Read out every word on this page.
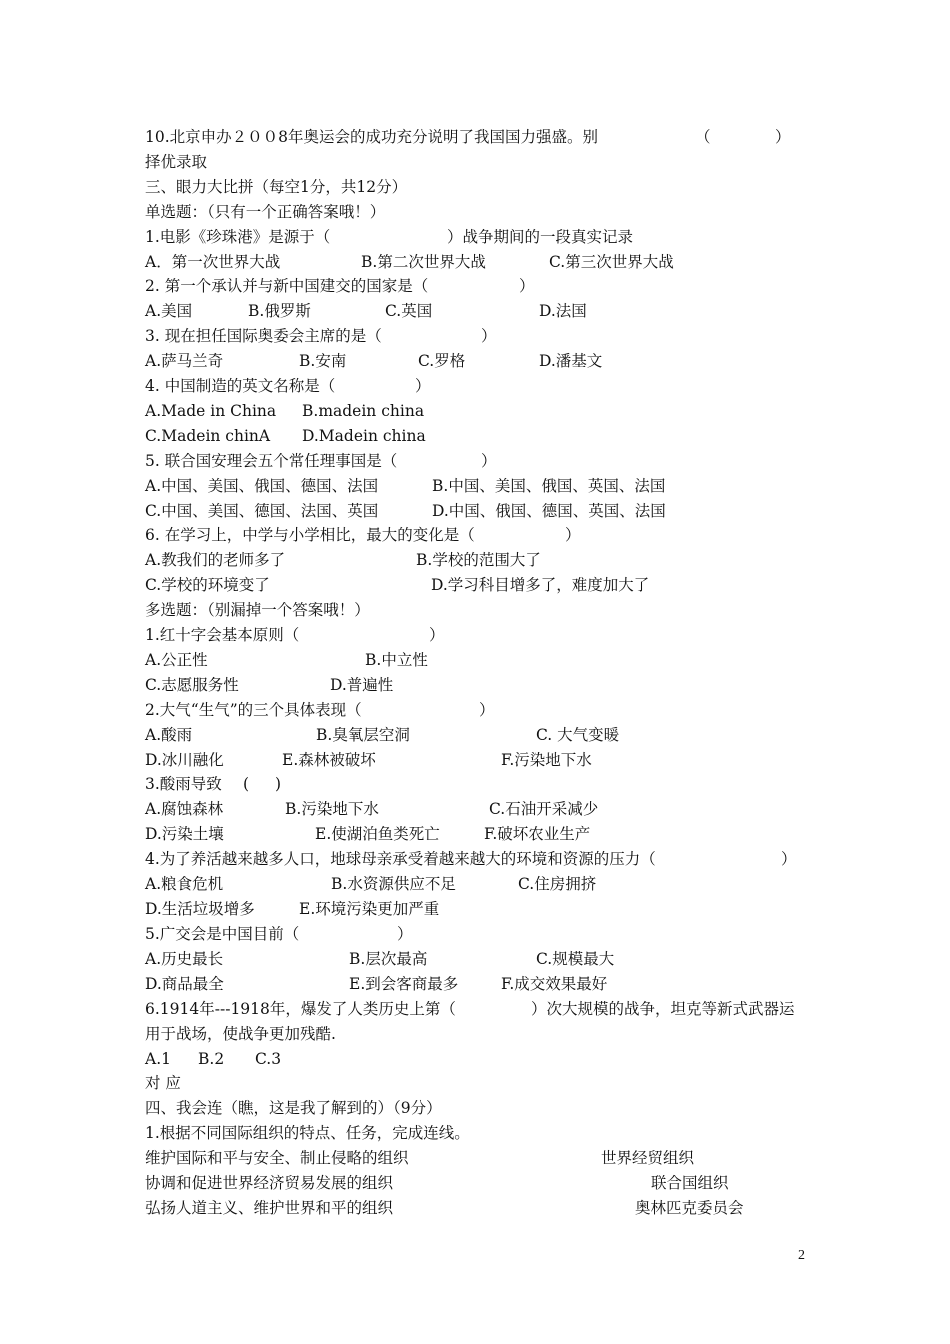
10.北京申办２００8年奥运会的成功充分说明了我国国力强盛。别	（	）
择优录取
三、眼力大比拼（每空1分，共12分）
单选题：（只有一个正确答案哦！）
1.电影《珍珠港》是源于（	）战争期间的一段真实记录
A．第一次世界大战	B.第二次世界大战	C.第三次世界大战
2. 第一个承认并与新中国建交的国家是（	）
A.美国	B.俄罗斯	C.英国	D.法国
3. 现在担任国际奥委会主席的是（	）
A.萨马兰奇	B.安南	C.罗格	D.潘基文
4. 中国制造的英文名称是（	）
A.Made in China B.madein china
C.Madein chinA D.Madein china
5. 联合国安理会五个常任理事国是（	）
A.中国、美国、俄国、德国、法国	B.中国、美国、俄国、英国、法国
C.中国、美国、德国、法国、英国	D.中国、俄国、德国、英国、法国
6. 在学习上，中学与小学相比，最大的变化是（	）
A.教我们的老师多了	B.学校的范围大了
C.学校的环境变了	D.学习科目增多了，难度加大了
多选题：（别漏掉一个答案哦！）
1.红十字会基本原则（	）
A.公正性	B.中立性
C.志愿服务性	D.普遍性
2.大气“生气”的三个具体表现（	）
A.酸雨	B.臭氧层空洞	C. 大气变暖
D.冰川融化	E.森林被破坏	F.污染地下水
3.酸雨导致 ( )
A.腐蚀森林	B.污染地下水	C.石油开采减少
D.污染土壤	E.使湖泊鱼类死亡	F.破坏农业生产
4.为了养活越来越多人口，地球母亲承受着越来越大的环境和资源的压力（	）
A.粮食危机	B.水资源供应不足	C.住房拥挤
D.生活垃圾增多	E.环境污染更加严重
5.广交会是中国目前（	）
A.历史最长	B.层次最高	C.规模最大
D.商品最全	E.到会客商最多	F.成交效果最好
6.1914年---1918年，爆发了人类历史上第（	）次大规模的战争，坦克等新式武器运
用于战场，使战争更加残酷.
A.1 B.2 C.3
对 应
四、我会连（瞧，这是我了解到的）（9分）
1.根据不同国际组织的特点、任务，完成连线。
维护国际和平与安全、制止侵略的组织	世界经贸组织
协调和促进世界经济贸易发展的组织	联合国组织
弘扬人道主义、维护世界和平的组织	奥林匹克委员会
2
